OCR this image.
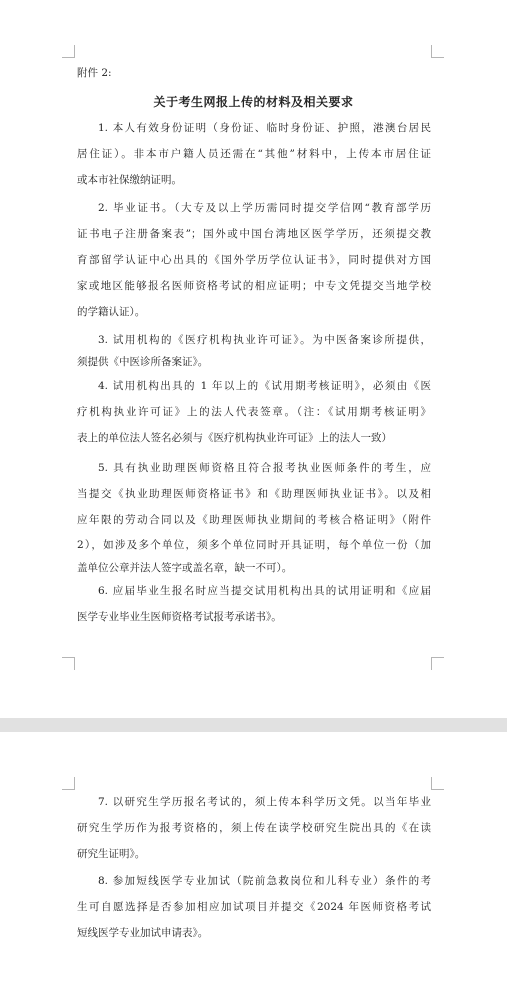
附件 2:
关于考生网报上传的材料及相关要求
1. 本人有效身份证明（身份证、临时身份证、护照，港澳台居民
居住证）。非本市户籍人员还需在“其他”材料中，上传本市居住证
或本市社保缴纳证明。
2. 毕业证书。（大专及以上学历需同时提交学信网“教育部学历
证书电子注册备案表”；国外或中国台湾地区医学学历，还须提交教
育部留学认证中心出具的《国外学历学位认证书》，同时提供对方国
家或地区能够报名医师资格考试的相应证明；中专文凭提交当地学校
的学籍认证）。
3. 试用机构的《医疗机构执业许可证》。为中医备案诊所提供，
须提供《中医诊所备案证》。
4. 试用机构出具的 1 年以上的《试用期考核证明》，必须由《医
疗机构执业许可证》上的法人代表签章。（注：《试用期考核证明》
表上的单位法人签名必须与《医疗机构执业许可证》上的法人一致）
5. 具有执业助理医师资格且符合报考执业医师条件的考生，应
当提交《执业助理医师资格证书》和《助理医师执业证书》。以及相
应年限的劳动合同以及《助理医师执业期间的考核合格证明》（附件
2），如涉及多个单位，须多个单位同时开具证明，每个单位一份（加
盖单位公章并法人签字或盖名章，缺一不可）。
6. 应届毕业生报名时应当提交试用机构出具的试用证明和《应届
医学专业毕业生医师资格考试报考承诺书》。
7. 以研究生学历报名考试的，须上传本科学历文凭。以当年毕业
研究生学历作为报考资格的，须上传在读学校研究生院出具的《在读
研究生证明》。
8. 参加短线医学专业加试（院前急救岗位和儿科专业）条件的考
生可自愿选择是否参加相应加试项目并提交《2024 年医师资格考试
短线医学专业加试申请表》。
